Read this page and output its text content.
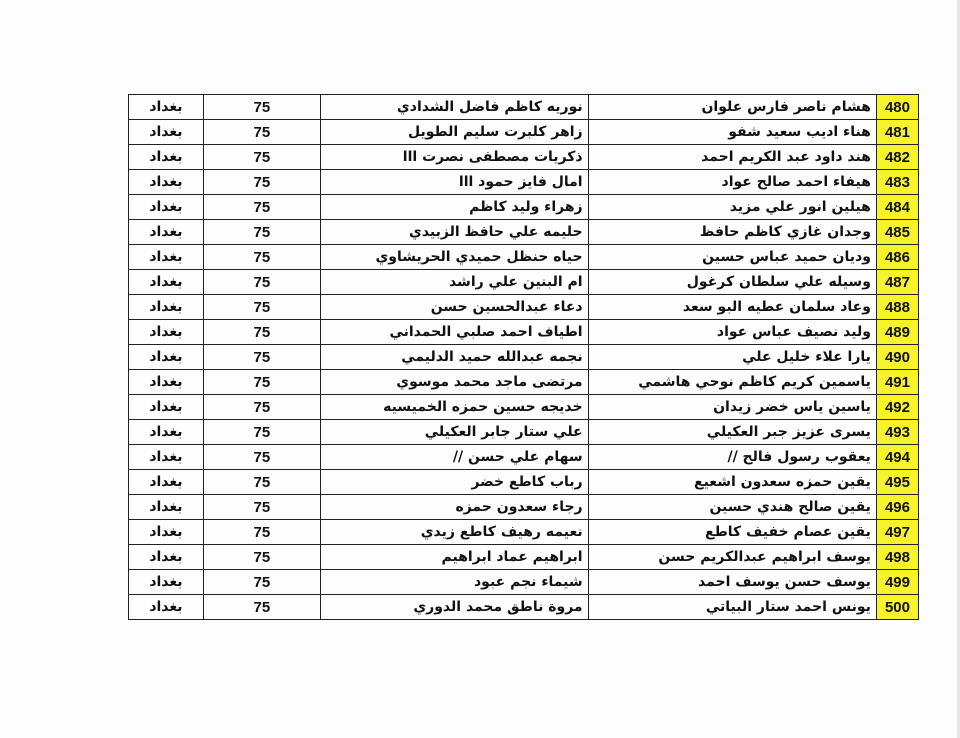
بغداد	75	نوريه كاظم فاضل الشدادي	هشام ناصر فارس علوان	480
بغداد	75	زاهر كلبرت سليم الطويل	هناء اديب سعيد شفو	481
بغداد	75	ذكريات مصطفى نصرت ااا	هند داود عبد الكريم احمد	482
بغداد	75	امال فايز حمود ااا	هيفاء احمد صالح عواد	483
بغداد	75	زهراء وليد كاظم	هيلين انور علي مزيد	484
بغداد	75	حليمه علي حافظ الزبيدي	وجدان غازي كاظم حافظ	485
بغداد	75	حياه حنظل حميدي الحريشاوي	وديان حميد عباس حسين	486
بغداد	75	ام البنين علي راشد	وسيله علي سلطان كرغول	487
بغداد	75	دعاء عبدالحسين حسن	وعاد سلمان عطيه البو سعد	488
بغداد	75	اطياف احمد صلبي الحمداني	وليد نصيف عباس عواد	489
بغداد	75	نجمه عبدالله حميد الدليمي	يارا علاء خليل علي	490
بغداد	75	مرتضى ماجد محمد موسوي	ياسمين كريم كاظم نوحي هاشمي	491
بغداد	75	خديجه حسين حمزه الخميسيه	ياسين ياس خضر زيدان	492
بغداد	75	علي ستار جابر العكيلي	يسرى عزيز جبر العكيلي	493
بغداد	75	سهام علي حسن //	يعقوب رسول فالح //	494
بغداد	75	رباب كاطع خضر	يقين حمزه سعدون اشعيع	495
بغداد	75	رجاء سعدون حمزه	يقين صالح هندي حسين	496
بغداد	75	نعيمه رهيف كاطع زيدي	يقين عصام خفيف كاطع	497
بغداد	75	ابراهيم عماد ابراهيم	يوسف ابراهيم عبدالكريم حسن	498
بغداد	75	شيماء نجم عبود	يوسف حسن يوسف احمد	499
بغداد	75	مروة ناطق محمد الدوري	يونس احمد ستار البياتي	500
